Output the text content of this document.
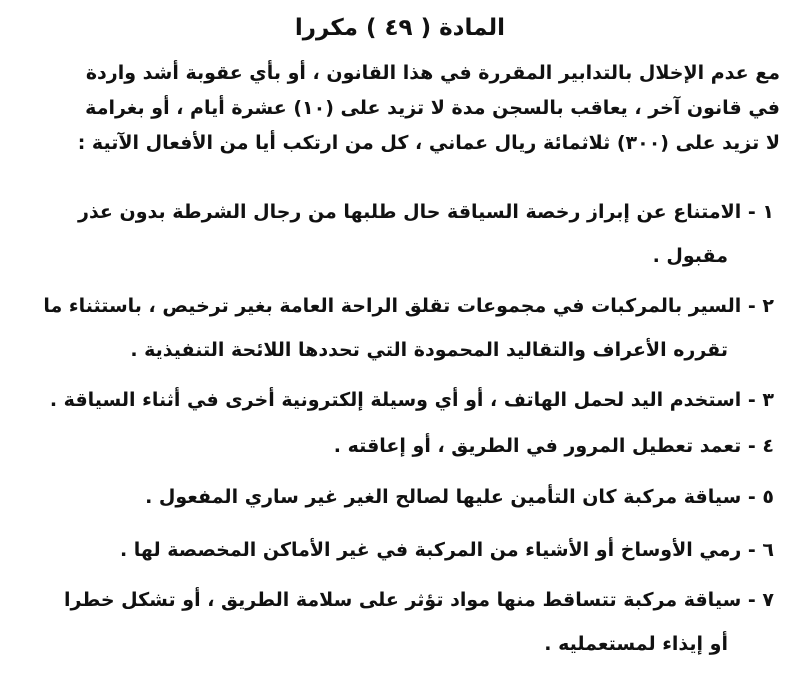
المادة ( ٤٩ ) مكررا
مع عدم الإخلال بالتدابير المقررة في هذا القانون ، أو بأي عقوبة أشد واردة
في قانون آخر ، يعاقب بالسجن مدة لا تزيد على (١٠) عشرة أيام ، أو بغرامة
لا تزيد على (٣٠٠) ثلاثمائة ريال عماني ، كل من ارتكب أيا من الأفعال الآتية :
١ - الامتناع عن إبراز رخصة السياقة حال طلبها من رجال الشرطة بدون عذر
مقبول .
٢ - السير بالمركبات في مجموعات تقلق الراحة العامة بغير ترخيص ، باستثناء ما
تقرره الأعراف والتقاليد المحمودة التي تحددها اللائحة التنفيذية .
٣ - استخدم اليد لحمل الهاتف ، أو أي وسيلة إلكترونية أخرى في أثناء السياقة .
٤ - تعمد تعطيل المرور في الطريق ، أو إعاقته .
٥ - سياقة مركبة كان التأمين عليها لصالح الغير غير ساري المفعول .
٦ - رمي الأوساخ أو الأشياء من المركبة في غير الأماكن المخصصة لها .
٧ - سياقة مركبة تتساقط منها مواد تؤثر على سلامة الطريق ، أو تشكل خطرا
أو إيذاء لمستعمليه .
